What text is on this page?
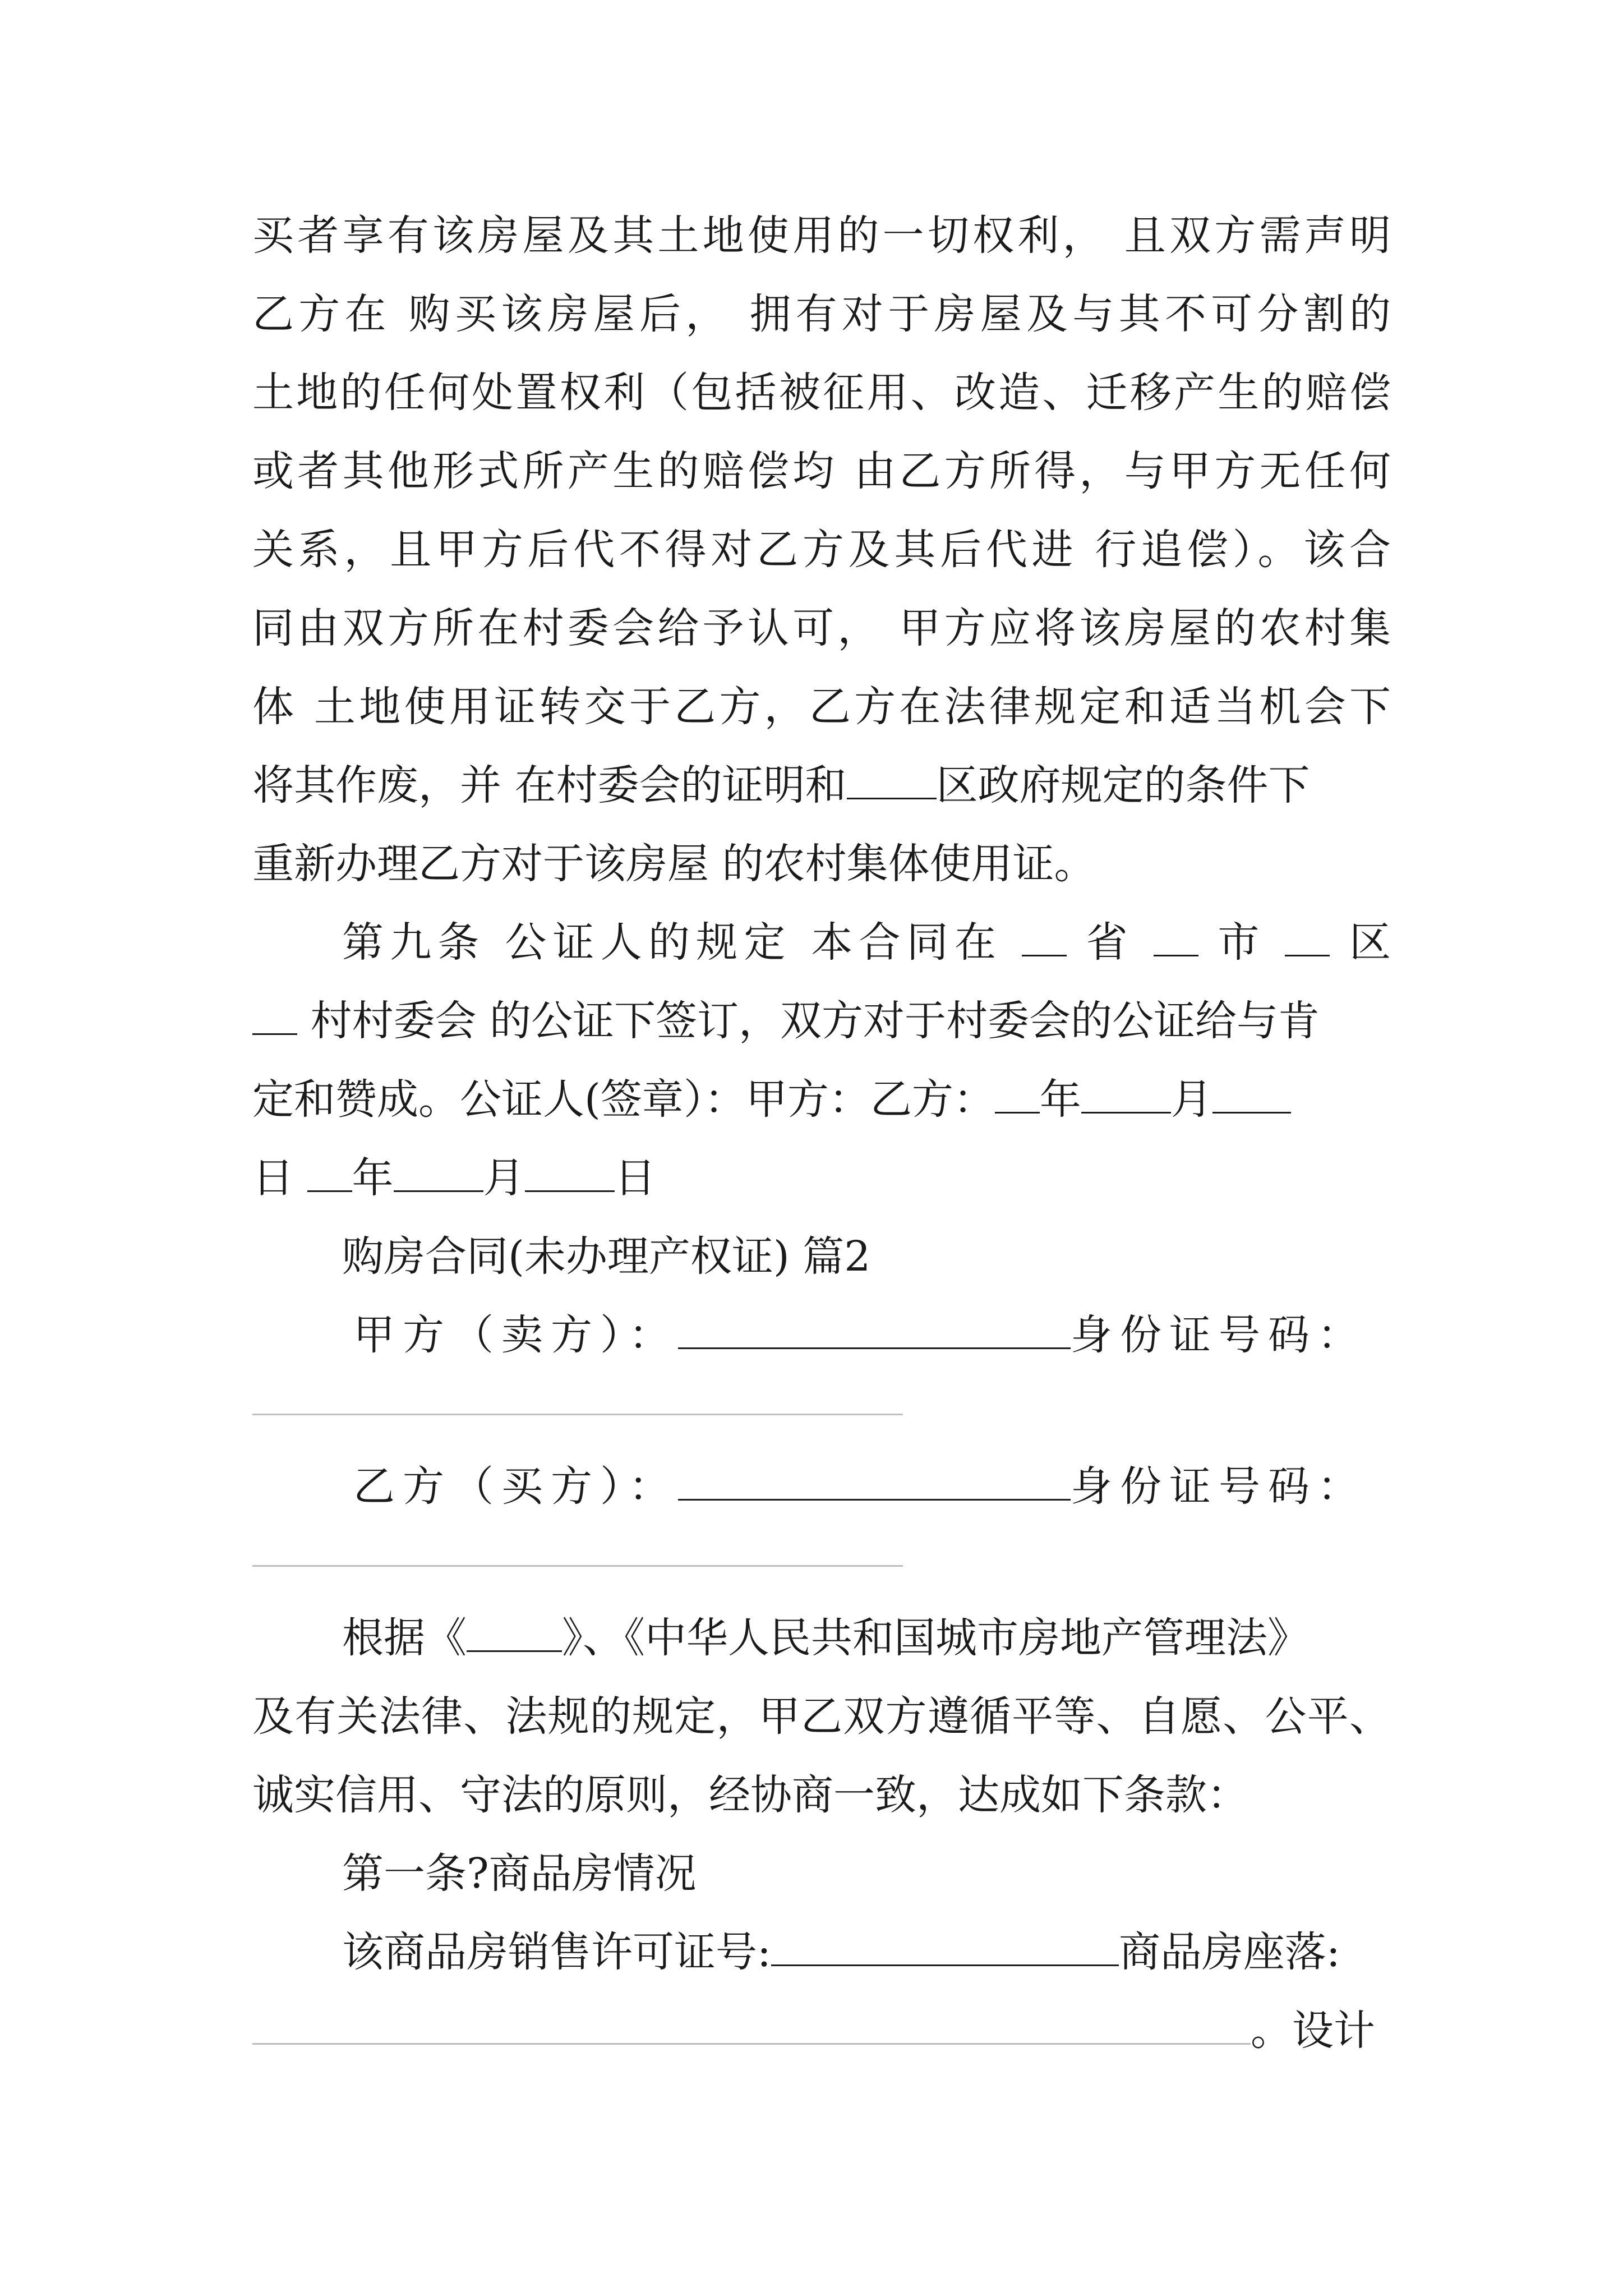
买者享有该房屋及其土地使用的一切权利， 且双方需声明
乙方在 购买该房屋后， 拥有对于房屋及与其不可分割的
土地的任何处置权利（包括被征用、改造、迁移产生的赔偿
或者其他形式所产生的赔偿均 由乙方所得，与甲方无任何
关系，且甲方后代不得对乙方及其后代进 行追偿）。该合
同由双方所在村委会给予认可， 甲方应将该房屋的农村集
体 土地使用证转交于乙方，乙方在法律规定和适当机会下
将其作废，并 在村委会的证明和 区政府规定的条件下
重新办理乙方对于该房屋 的农村集体使用证。
第九条 公证人的规定 本合同在 省 市 区
村村委会 的公证下签订，双方对于村委会的公证给与肯
定和赞成。公证人(签章）：甲方：乙方： 年 月
日 年 月 日
购房合同(未办理产权证) 篇2
甲方（卖方）：	身份证号码：
乙方（买方）：	身份证号码：
根据《 》、《中华人民共和国城市房地产管理法》
及有关法律、法规的规定，甲乙双方遵循平等、自愿、公平、
诚实信用、守法的原则，经协商一致，达成如下条款：
第一条?商品房情况
该商品房销售许可证号:	商品房座落:
。设计
